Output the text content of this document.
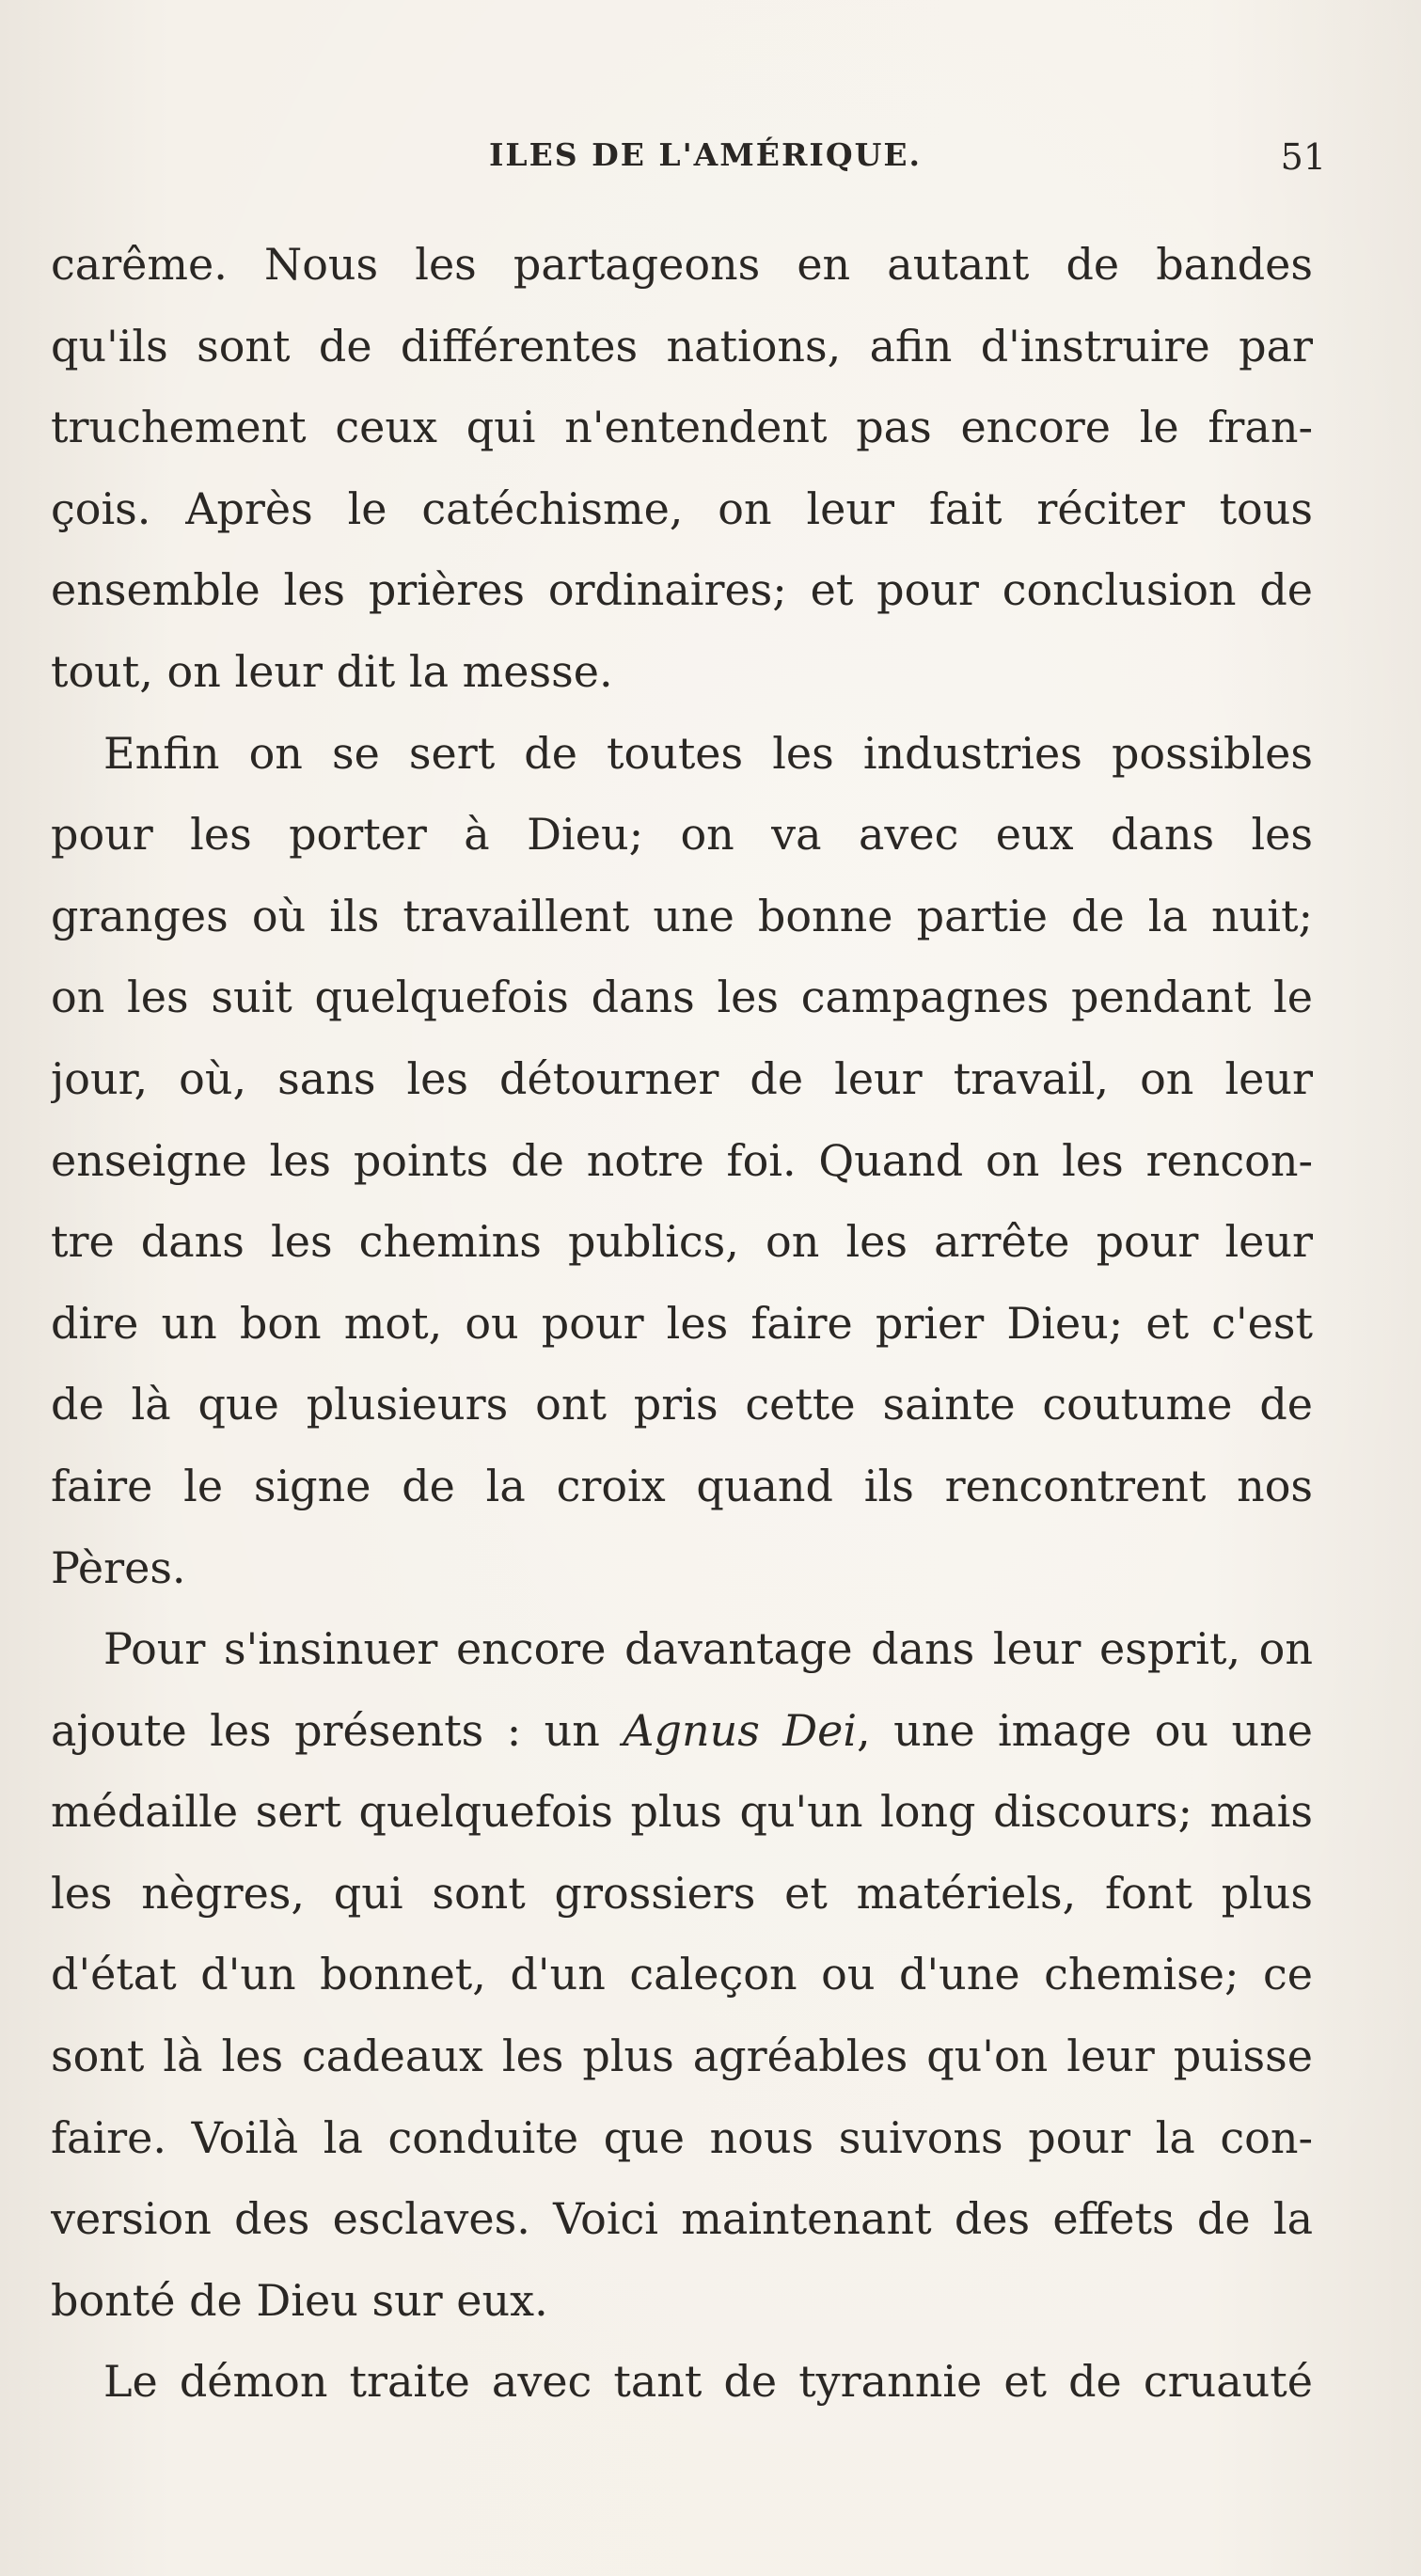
ILES DE L'AMÉRIQUE.	51
carême. Nous les partageons en autant de bandes
qu'ils sont de différentes nations, afin d'instruire par
truchement ceux qui n'entendent pas encore le fran-
çois. Après le catéchisme, on leur fait réciter tous
ensemble les prières ordinaires; et pour conclusion de
tout, on leur dit la messe.
Enfin on se sert de toutes les industries possibles
pour les porter à Dieu; on va avec eux dans les
granges où ils travaillent une bonne partie de la nuit;
on les suit quelquefois dans les campagnes pendant le
jour, où, sans les détourner de leur travail, on leur
enseigne les points de notre foi. Quand on les rencon-
tre dans les chemins publics, on les arrête pour leur
dire un bon mot, ou pour les faire prier Dieu; et c'est
de là que plusieurs ont pris cette sainte coutume de
faire le signe de la croix quand ils rencontrent nos
Pères.
Pour s'insinuer encore davantage dans leur esprit, on
ajoute les présents : un Agnus Dei, une image ou une
médaille sert quelquefois plus qu'un long discours; mais
les nègres, qui sont grossiers et matériels, font plus
d'état d'un bonnet, d'un caleçon ou d'une chemise; ce
sont là les cadeaux les plus agréables qu'on leur puisse
faire. Voilà la conduite que nous suivons pour la con-
version des esclaves. Voici maintenant des effets de la
bonté de Dieu sur eux.
Le démon traite avec tant de tyrannie et de cruauté
